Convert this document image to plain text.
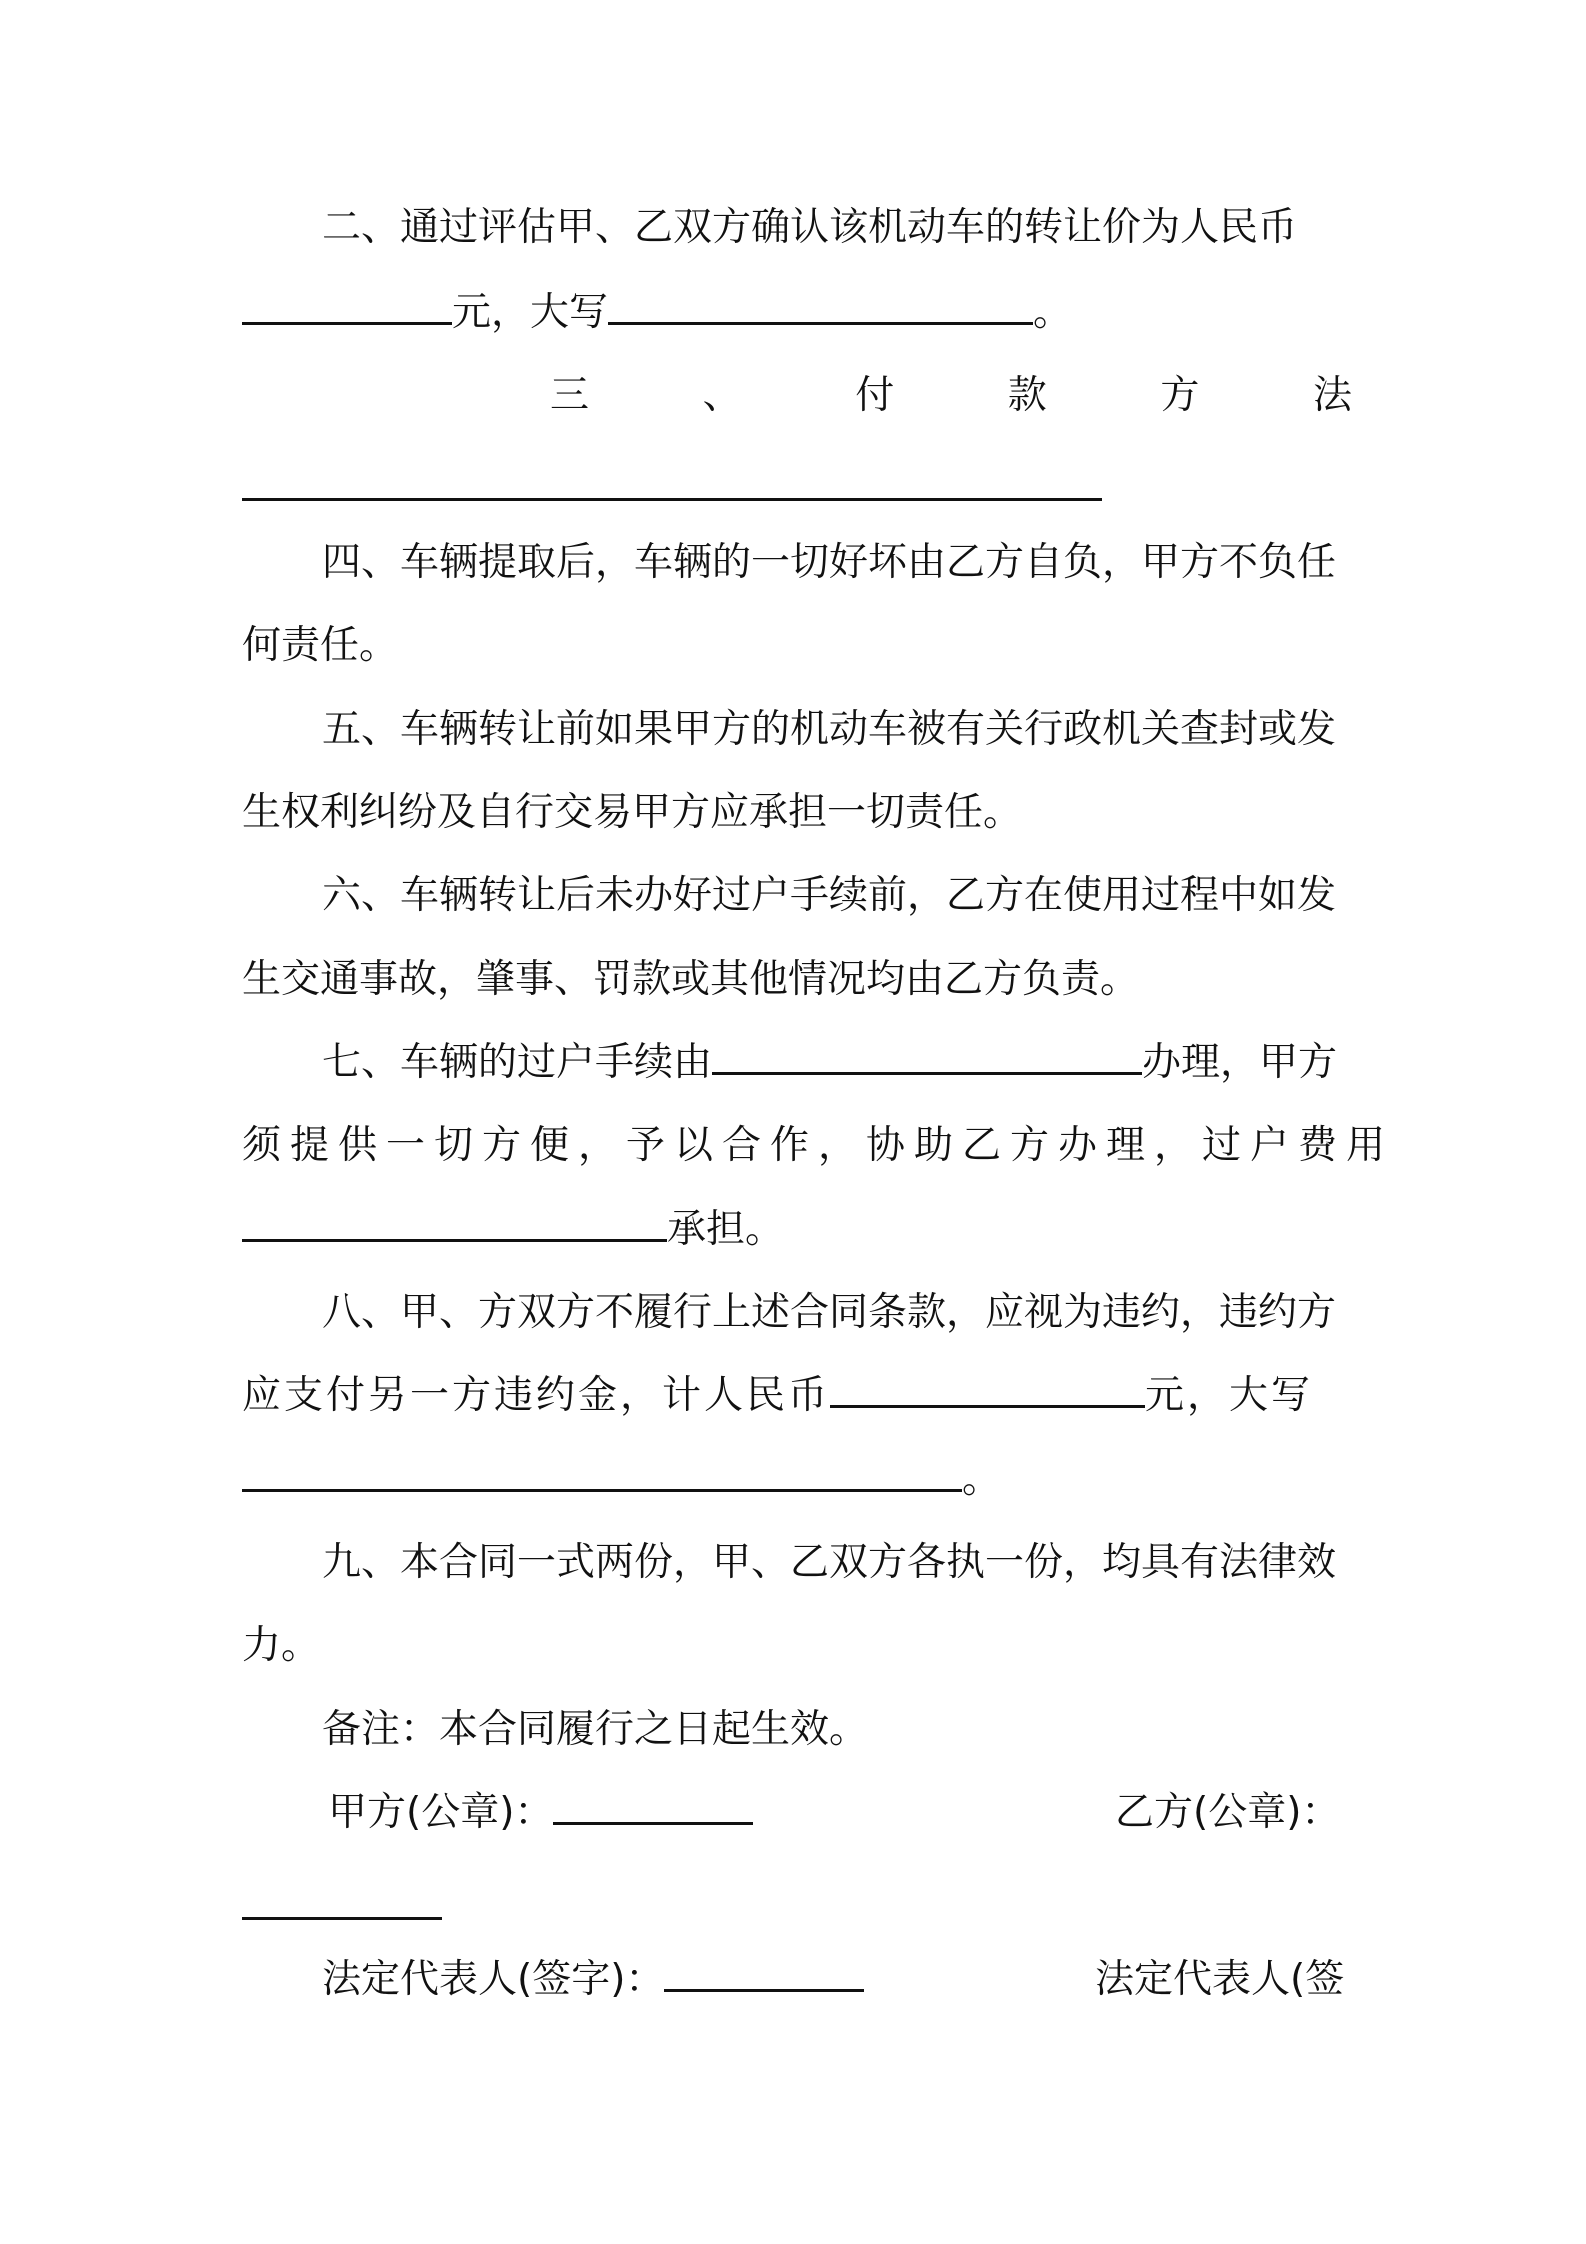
二、通过评估甲、乙双方确认该机动车的转让价为人民币
元，大写	。
三	、	付	款	方	法
四、车辆提取后，车辆的一切好坏由乙方自负，甲方不负任
何责任。
五、车辆转让前如果甲方的机动车被有关行政机关查封或发
生权利纠纷及自行交易甲方应承担一切责任。
六、车辆转让后未办好过户手续前，乙方在使用过程中如发
生交通事故，肇事、罚款或其他情况均由乙方负责。
七、车辆的过户手续由	办理，甲方
须提供一切方便，予以合作，协助乙方办理，过户费用
承担。
八、甲、方双方不履行上述合同条款，应视为违约，违约方
应支付另一方违约金，计人民币	元，大写
。
九、本合同一式两份，甲、乙双方各执一份，均具有法律效
力。
备注：本合同履行之日起生效。
甲方(公章)：	乙方(公章)：
法定代表人(签字)：	法定代表人(签
